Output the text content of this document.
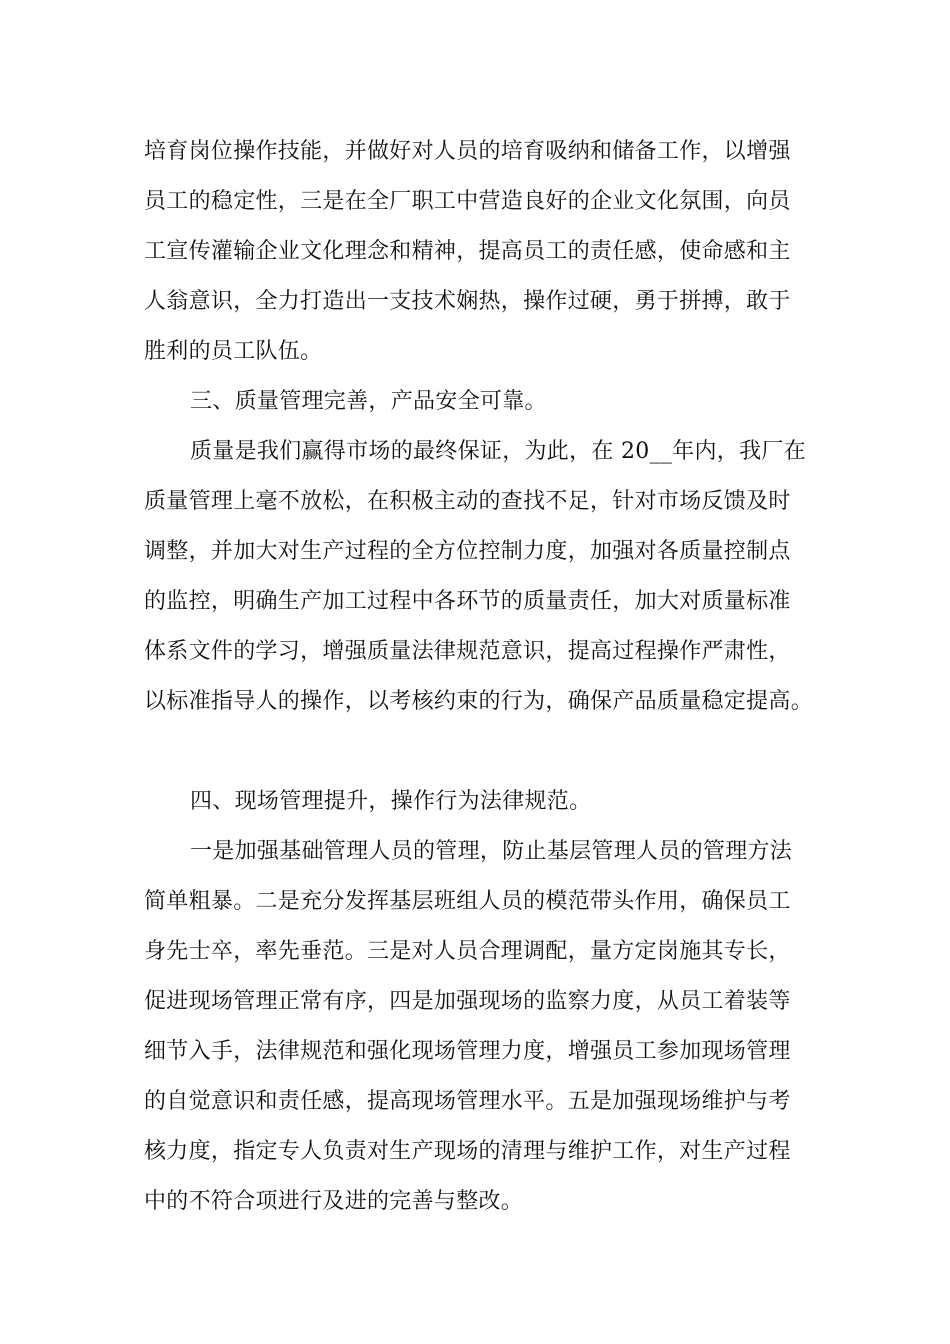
培育岗位操作技能，并做好对人员的培育吸纳和储备工作，以增强
员工的稳定性，三是在全厂职工中营造良好的企业文化氛围，向员
工宣传灌输企业文化理念和精神，提高员工的责任感，使命感和主
人翁意识，全力打造出一支技术娴热，操作过硬，勇于拼搏，敢于
胜利的员工队伍。
三、质量管理完善，产品安全可靠。
质量是我们赢得市场的最终保证，为此，在 20__年内，我厂在
质量管理上毫不放松，在积极主动的查找不足，针对市场反馈及时
调整，并加大对生产过程的全方位控制力度，加强对各质量控制点
的监控，明确生产加工过程中各环节的质量责任，加大对质量标准
体系文件的学习，增强质量法律规范意识，提高过程操作严肃性，
以标准指导人的操作，以考核约束的行为，确保产品质量稳定提高。
四、现场管理提升，操作行为法律规范。
一是加强基础管理人员的管理，防止基层管理人员的管理方法
简单粗暴。二是充分发挥基层班组人员的模范带头作用，确保员工
身先士卒，率先垂范。三是对人员合理调配，量方定岗施其专长，
促进现场管理正常有序，四是加强现场的监察力度，从员工着装等
细节入手，法律规范和强化现场管理力度，增强员工参加现场管理
的自觉意识和责任感，提高现场管理水平。五是加强现场维护与考
核力度，指定专人负责对生产现场的清理与维护工作，对生产过程
中的不符合项进行及进的完善与整改。
